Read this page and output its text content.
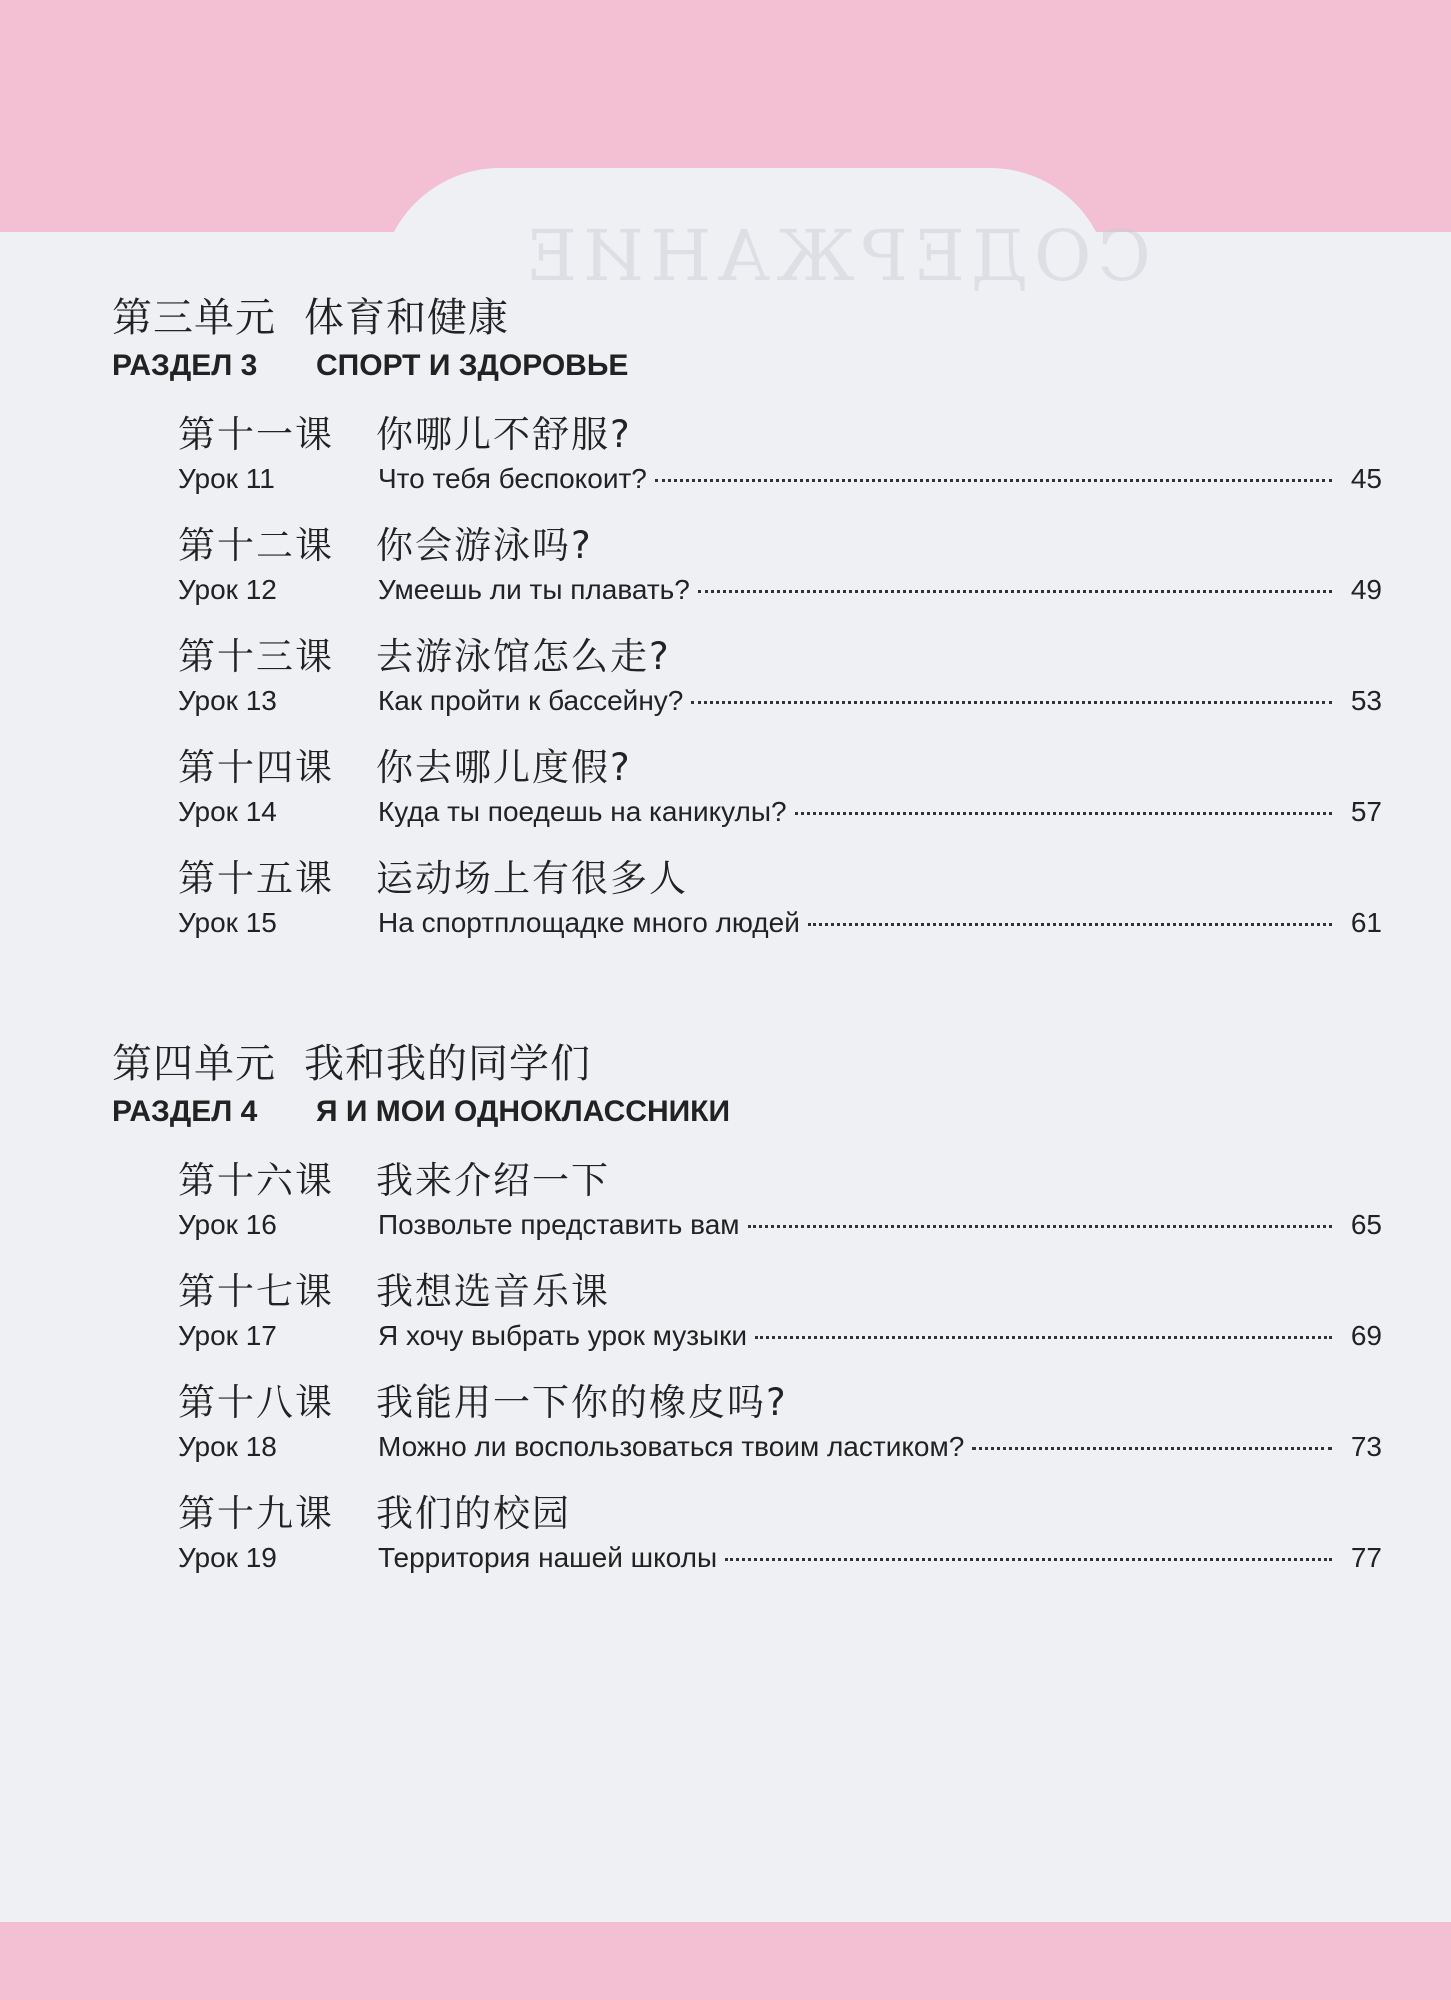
СОДЕРЖАНИЕ
第三单元 体育和健康
РАЗДЕЛ 3 СПОРТ И ЗДОРОВЬЕ
第十一课 你哪儿不舒服?
Урок 11	Что тебя беспокоит?	45
第十二课 你会游泳吗?
Урок 12	Умеешь ли ты плавать?	49
第十三课 去游泳馆怎么走?
Урок 13	Как пройти к бассейну?	53
第十四课 你去哪儿度假?
Урок 14	Куда ты поедешь на каникулы?	57
第十五课 运动场上有很多人
Урок 15	На спортплощадке много людей	61
第四单元 我和我的同学们
РАЗДЕЛ 4 Я И МОИ ОДНОКЛАССНИКИ
第十六课 我来介绍一下
Урок 16	Позвольте представить вам	65
第十七课 我想选音乐课
Урок 17	Я хочу выбрать урок музыки	69
第十八课 我能用一下你的橡皮吗?
Урок 18	Можно ли воспользоваться твоим ластиком?	73
第十九课 我们的校园
Урок 19	Территория нашей школы	77
